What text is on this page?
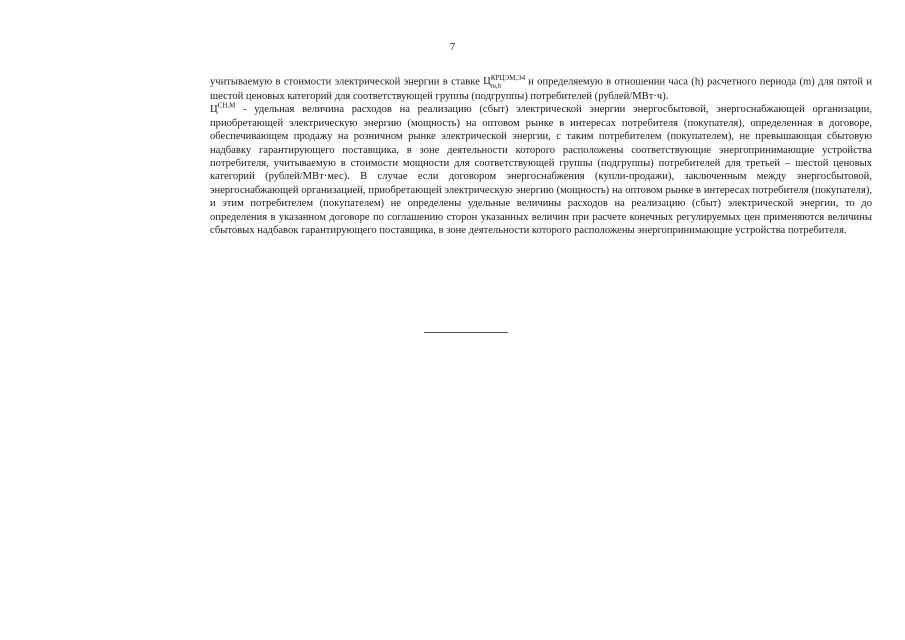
7

учитываемую в стоимости электрической энергии в ставке Ц КРЦЭМ,Э4
m,h	и определяемую в отношении часа (h) расчетного периода (m) для пятой и шестой ценовых категорий для соответствующей группы (подгруппы) потребителей (рублей/МВт·ч).

$Ц^{СН,М}$ - удельная величина расходов на реализацию (сбыт) электрической энергии энергосбытовой, энергоснабжающей организации, приобретающей электрическую энергию (мощность) на оптовом рынке в интересах потребителя (покупателя), определенная в договоре, обеспечивающем продажу на розничном рынке электрической энергии, с таким потребителем (покупателем), не превышающая сбытовую надбавку гарантирующего поставщика, в зоне деятельности которого расположены соответствующие энергопринимающие устройства потребителя, учитываемую в стоимости мощности для соответствующей группы (подгруппы) потребителей для третьей – шестой ценовых категорий (рублей/МВт·мес). В случае если договором энергоснабжения (купли-продажи), заключенным между энергосбытовой, энергоснабжающей организацией, приобретающей электрическую энергию (мощность) на оптовом рынке в интересах потребителя (покупателя), и этим потребителем (покупателем) не определены удельные величины расходов на реализацию (сбыт) электрической энергии, то до определения в указанном договоре по соглашению сторон указанных величин при расчете конечных регулируемых цен применяются величины сбытовых надбавок гарантирующего поставщика, в зоне деятельности которого расположены энергопринимающие устройства потребителя.
